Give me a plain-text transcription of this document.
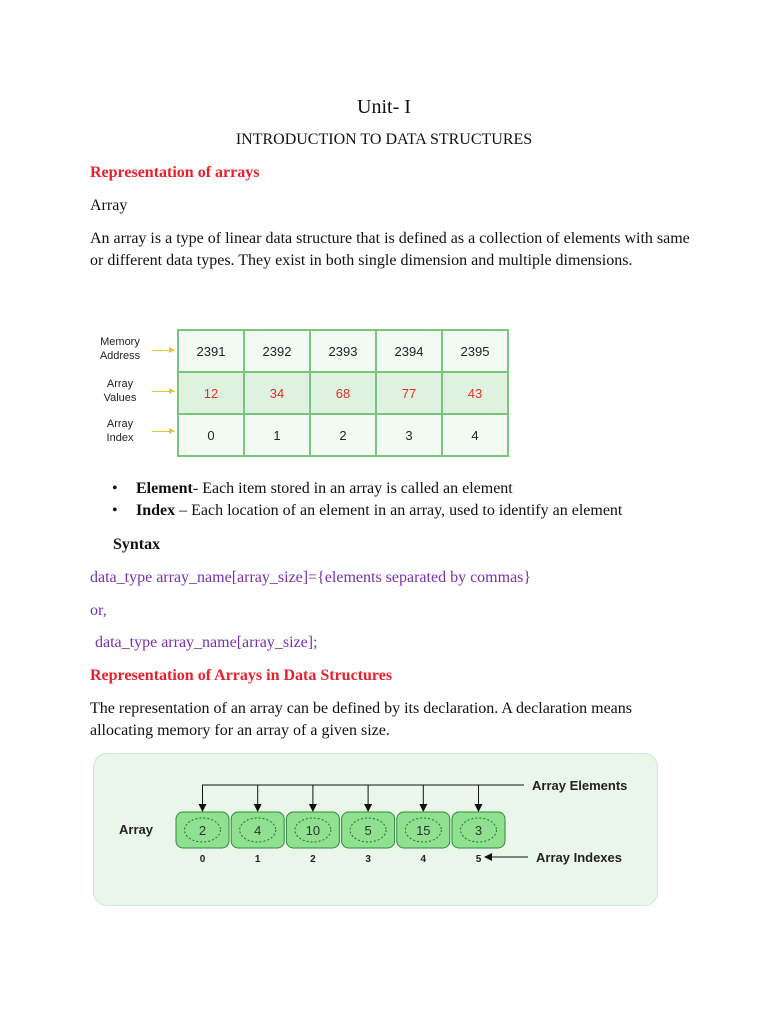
Unit- I
INTRODUCTION TO DATA STRUCTURES
Representation of arrays
Array
An array is a type of linear data structure that is defined as a collection of elements with same or different data types. They exist in both single dimension and multiple dimensions.
Memory Address
Array Values
Array Index
2391	2392	2393	2394	2395
12	34	68	77	43
0	1	2	3	4
• Element- Each item stored in an array is called an element
• Index – Each location of an element in an array, used to identify an element
Syntax
data_type array_name[array_size]={elements separated by commas}
or,
data_type array_name[array_size];
Representation of Arrays in Data Structures
The representation of an array can be defined by its declaration. A declaration means allocating memory for an array of a given size.
Array
Array Elements
Array Indexes
2
0
4
1
10
2
5
3
15
4
3
5
